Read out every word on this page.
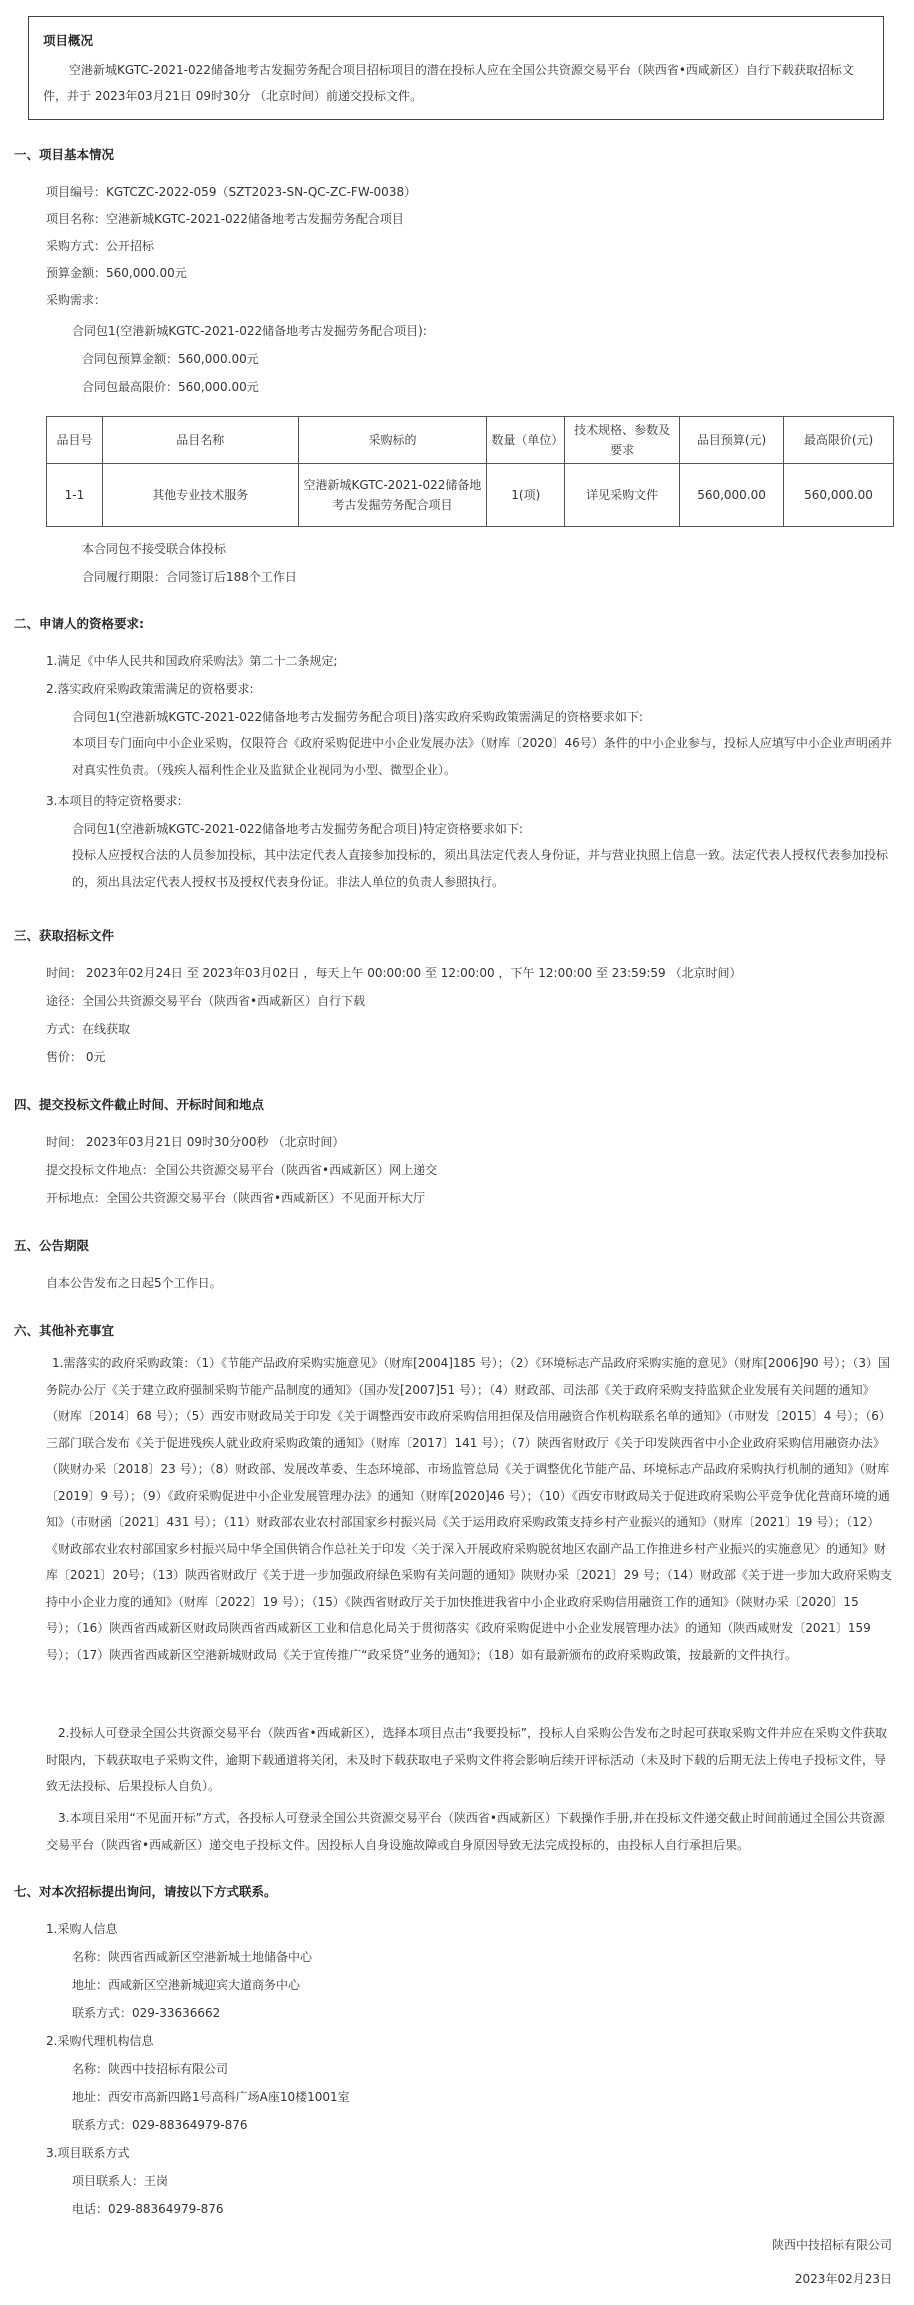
项目概况
空港新城KGTC-2021-022储备地考古发掘劳务配合项目招标项目的潜在投标人应在全国公共资源交易平台（陕西省•西咸新区）自行下载获取招标文件，并于 2023年03月21日 09时30分 （北京时间）前递交投标文件。
一、项目基本情况
项目编号：KGTCZC-2022-059（SZT2023-SN-QC-ZC-FW-0038）
项目名称：空港新城KGTC-2021-022储备地考古发掘劳务配合项目
采购方式：公开招标
预算金额：560,000.00元
采购需求：
合同包1(空港新城KGTC-2021-022储备地考古发掘劳务配合项目):
合同包预算金额：560,000.00元
合同包最高限价：560,000.00元
品目号	品目名称	采购标的	数量（单位）	技术规格、参数及要求	品目预算(元)	最高限价(元)
1-1	其他专业技术服务	空港新城KGTC-2021-022储备地考古发掘劳务配合项目	1(项)	详见采购文件	560,000.00	560,000.00
本合同包不接受联合体投标
合同履行期限：合同签订后188个工作日
二、申请人的资格要求:
1.满足《中华人民共和国政府采购法》第二十二条规定;
2.落实政府采购政策需满足的资格要求:
合同包1(空港新城KGTC-2021-022储备地考古发掘劳务配合项目)落实政府采购政策需满足的资格要求如下:
本项目专门面向中小企业采购，仅限符合《政府采购促进中小企业发展办法》（财库〔2020〕46号）条件的中小企业参与，投标人应填写中小企业声明函并对真实性负责。（残疾人福利性企业及监狱企业视同为小型、微型企业）。
3.本项目的特定资格要求:
合同包1(空港新城KGTC-2021-022储备地考古发掘劳务配合项目)特定资格要求如下:
投标人应授权合法的人员参加投标，其中法定代表人直接参加投标的，须出具法定代表人身份证，并与营业执照上信息一致。法定代表人授权代表参加投标的，须出具法定代表人授权书及授权代表身份证。非法人单位的负责人参照执行。
三、获取招标文件
时间： 2023年02月24日 至 2023年03月02日 ，每天上午 00:00:00 至 12:00:00 ，下午 12:00:00 至 23:59:59 （北京时间）
途径：全国公共资源交易平台（陕西省•西咸新区）自行下载
方式：在线获取
售价： 0元
四、提交投标文件截止时间、开标时间和地点
时间： 2023年03月21日 09时30分00秒 （北京时间）
提交投标文件地点：全国公共资源交易平台（陕西省•西咸新区）网上递交
开标地点：全国公共资源交易平台（陕西省•西咸新区）不见面开标大厅
五、公告期限
自本公告发布之日起5个工作日。
六、其他补充事宜
1.需落实的政府采购政策：（1）《节能产品政府采购实施意见》（财库[2004]185 号）；（2）《环境标志产品政府采购实施的意见》（财库[2006]90 号）；（3）国务院办公厅《关于建立政府强制采购节能产品制度的通知》（国办发[2007]51 号）；（4）财政部、司法部《关于政府采购支持监狱企业发展有关问题的通知》（财库〔2014〕68 号）；（5）西安市财政局关于印发《关于调整西安市政府采购信用担保及信用融资合作机构联系名单的通知》（市财发〔2015〕4 号）；（6）三部门联合发布《关于促进残疾人就业政府采购政策的通知》（财库〔2017〕141 号）；（7）陕西省财政厅《关于印发陕西省中小企业政府采购信用融资办法》（陕财办采〔2018〕23 号）；（8）财政部、发展改革委、生态环境部、市场监管总局《关于调整优化节能产品、环境标志产品政府采购执行机制的通知》（财库〔2019〕9 号）；（9）《政府采购促进中小企业发展管理办法》的通知（财库[2020]46 号）；（10）《西安市财政局关于促进政府采购公平竞争优化营商环境的通知》（市财函〔2021〕431 号）；（11）财政部农业农村部国家乡村振兴局《关于运用政府采购政策支持乡村产业振兴的通知》（财库〔2021〕19 号）；（12）《财政部农业农村部国家乡村振兴局中华全国供销合作总社关于印发〈关于深入开展政府采购脱贫地区农副产品工作推进乡村产业振兴的实施意见〉的通知》财库〔2021〕20号；（13）陕西省财政厅《关于进一步加强政府绿色采购有关问题的通知》陕财办采〔2021〕29 号；（14）财政部《关于进一步加大政府采购支持中小企业力度的通知》（财库〔2022〕19 号）；（15）《陕西省财政厅关于加快推进我省中小企业政府采购信用融资工作的通知》（陕财办采〔2020〕15 号）；（16）陕西省西咸新区财政局陕西省西咸新区工业和信息化局关于贯彻落实《政府采购促进中小企业发展管理办法》的通知（陕西咸财发〔2021〕159号）；（17）陕西省西咸新区空港新城财政局《关于宣传推广“政采贷”业务的通知》；（18）如有最新颁布的政府采购政策，按最新的文件执行。
2.投标人可登录全国公共资源交易平台（陕西省•西咸新区），选择本项目点击“我要投标”，投标人自采购公告发布之时起可获取采购文件并应在采购文件获取时限内，下载获取电子采购文件，逾期下载通道将关闭，未及时下载获取电子采购文件将会影响后续开评标活动（未及时下载的后期无法上传电子投标文件，导致无法投标、后果投标人自负）。
3.本项目采用“不见面开标”方式，各投标人可登录全国公共资源交易平台（陕西省•西咸新区）下载操作手册,并在投标文件递交截止时间前通过全国公共资源交易平台（陕西省•西咸新区）递交电子投标文件。因投标人自身设施故障或自身原因导致无法完成投标的，由投标人自行承担后果。
七、对本次招标提出询问，请按以下方式联系。
1.采购人信息
名称：陕西省西咸新区空港新城土地储备中心
地址：西咸新区空港新城迎宾大道商务中心
联系方式：029-33636662
2.采购代理机构信息
名称：陕西中技招标有限公司
地址：西安市高新四路1号高科广场A座10楼1001室
联系方式：029-88364979-876
3.项目联系方式
项目联系人：王岗
电话：029-88364979-876
陕西中技招标有限公司
2023年02月23日
